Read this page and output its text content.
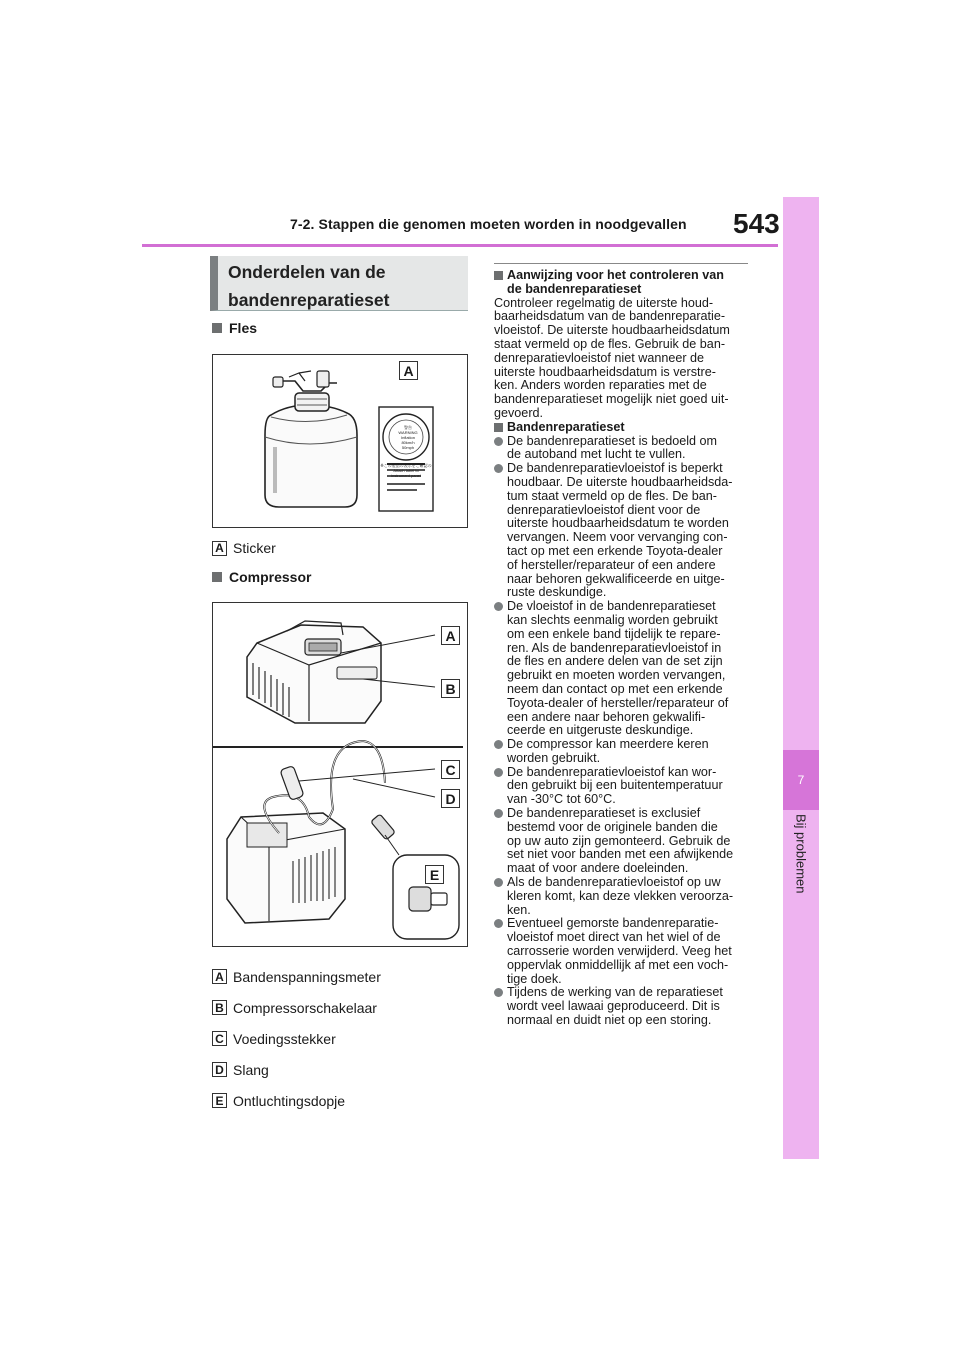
7-2. Stappen die genomen moeten worden in noodgevallen 543
7
Bij problemen
Onderdelen van de
bandenreparatieset
Fles
警告
WARNING
Inflation
80km/h
50mph
※この製品の表示をご確認の
Attach label to
instrument panel
A
A Sticker
Compressor
A
B
C
D
E
A Bandenspanningsmeter
B Compressorschakelaar
C Voedingsstekker
D Slang
E Ontluchtingsdopje
Aanwijzing voor het controleren van
de bandenreparatieset
Controleer regelmatig de uiterste houd-
baarheidsdatum van de bandenreparatie-
vloeistof. De uiterste houdbaarheidsdatum
staat vermeld op de fles. Gebruik de ban-
denreparatievloeistof niet wanneer de
uiterste houdbaarheidsdatum is verstre-
ken. Anders worden reparaties met de
bandenreparatieset mogelijk niet goed uit-
gevoerd.
Bandenreparatieset
De bandenreparatieset is bedoeld om
de autoband met lucht te vullen.
De bandenreparatievloeistof is beperkt
houdbaar. De uiterste houdbaarheidsda-
tum staat vermeld op de fles. De ban-
denreparatievloeistof dient voor de
uiterste houdbaarheidsdatum te worden
vervangen. Neem voor vervanging con-
tact op met een erkende Toyota-dealer
of hersteller/reparateur of een andere
naar behoren gekwalificeerde en uitge-
ruste deskundige.
De vloeistof in de bandenreparatieset
kan slechts eenmalig worden gebruikt
om een enkele band tijdelijk te repare-
ren. Als de bandenreparatievloeistof in
de fles en andere delen van de set zijn
gebruikt en moeten worden vervangen,
neem dan contact op met een erkende
Toyota-dealer of hersteller/reparateur of
een andere naar behoren gekwalifi-
ceerde en uitgeruste deskundige.
De compressor kan meerdere keren
worden gebruikt.
De bandenreparatievloeistof kan wor-
den gebruikt bij een buitentemperatuur
van -30°C tot 60°C.
De bandenreparatieset is exclusief
bestemd voor de originele banden die
op uw auto zijn gemonteerd. Gebruik de
set niet voor banden met een afwijkende
maat of voor andere doeleinden.
Als de bandenreparatievloeistof op uw
kleren komt, kan deze vlekken veroorza-
ken.
Eventueel gemorste bandenreparatie-
vloeistof moet direct van het wiel of de
carrosserie worden verwijderd. Veeg het
oppervlak onmiddellijk af met een voch-
tige doek.
Tijdens de werking van de reparatieset
wordt veel lawaai geproduceerd. Dit is
normaal en duidt niet op een storing.
